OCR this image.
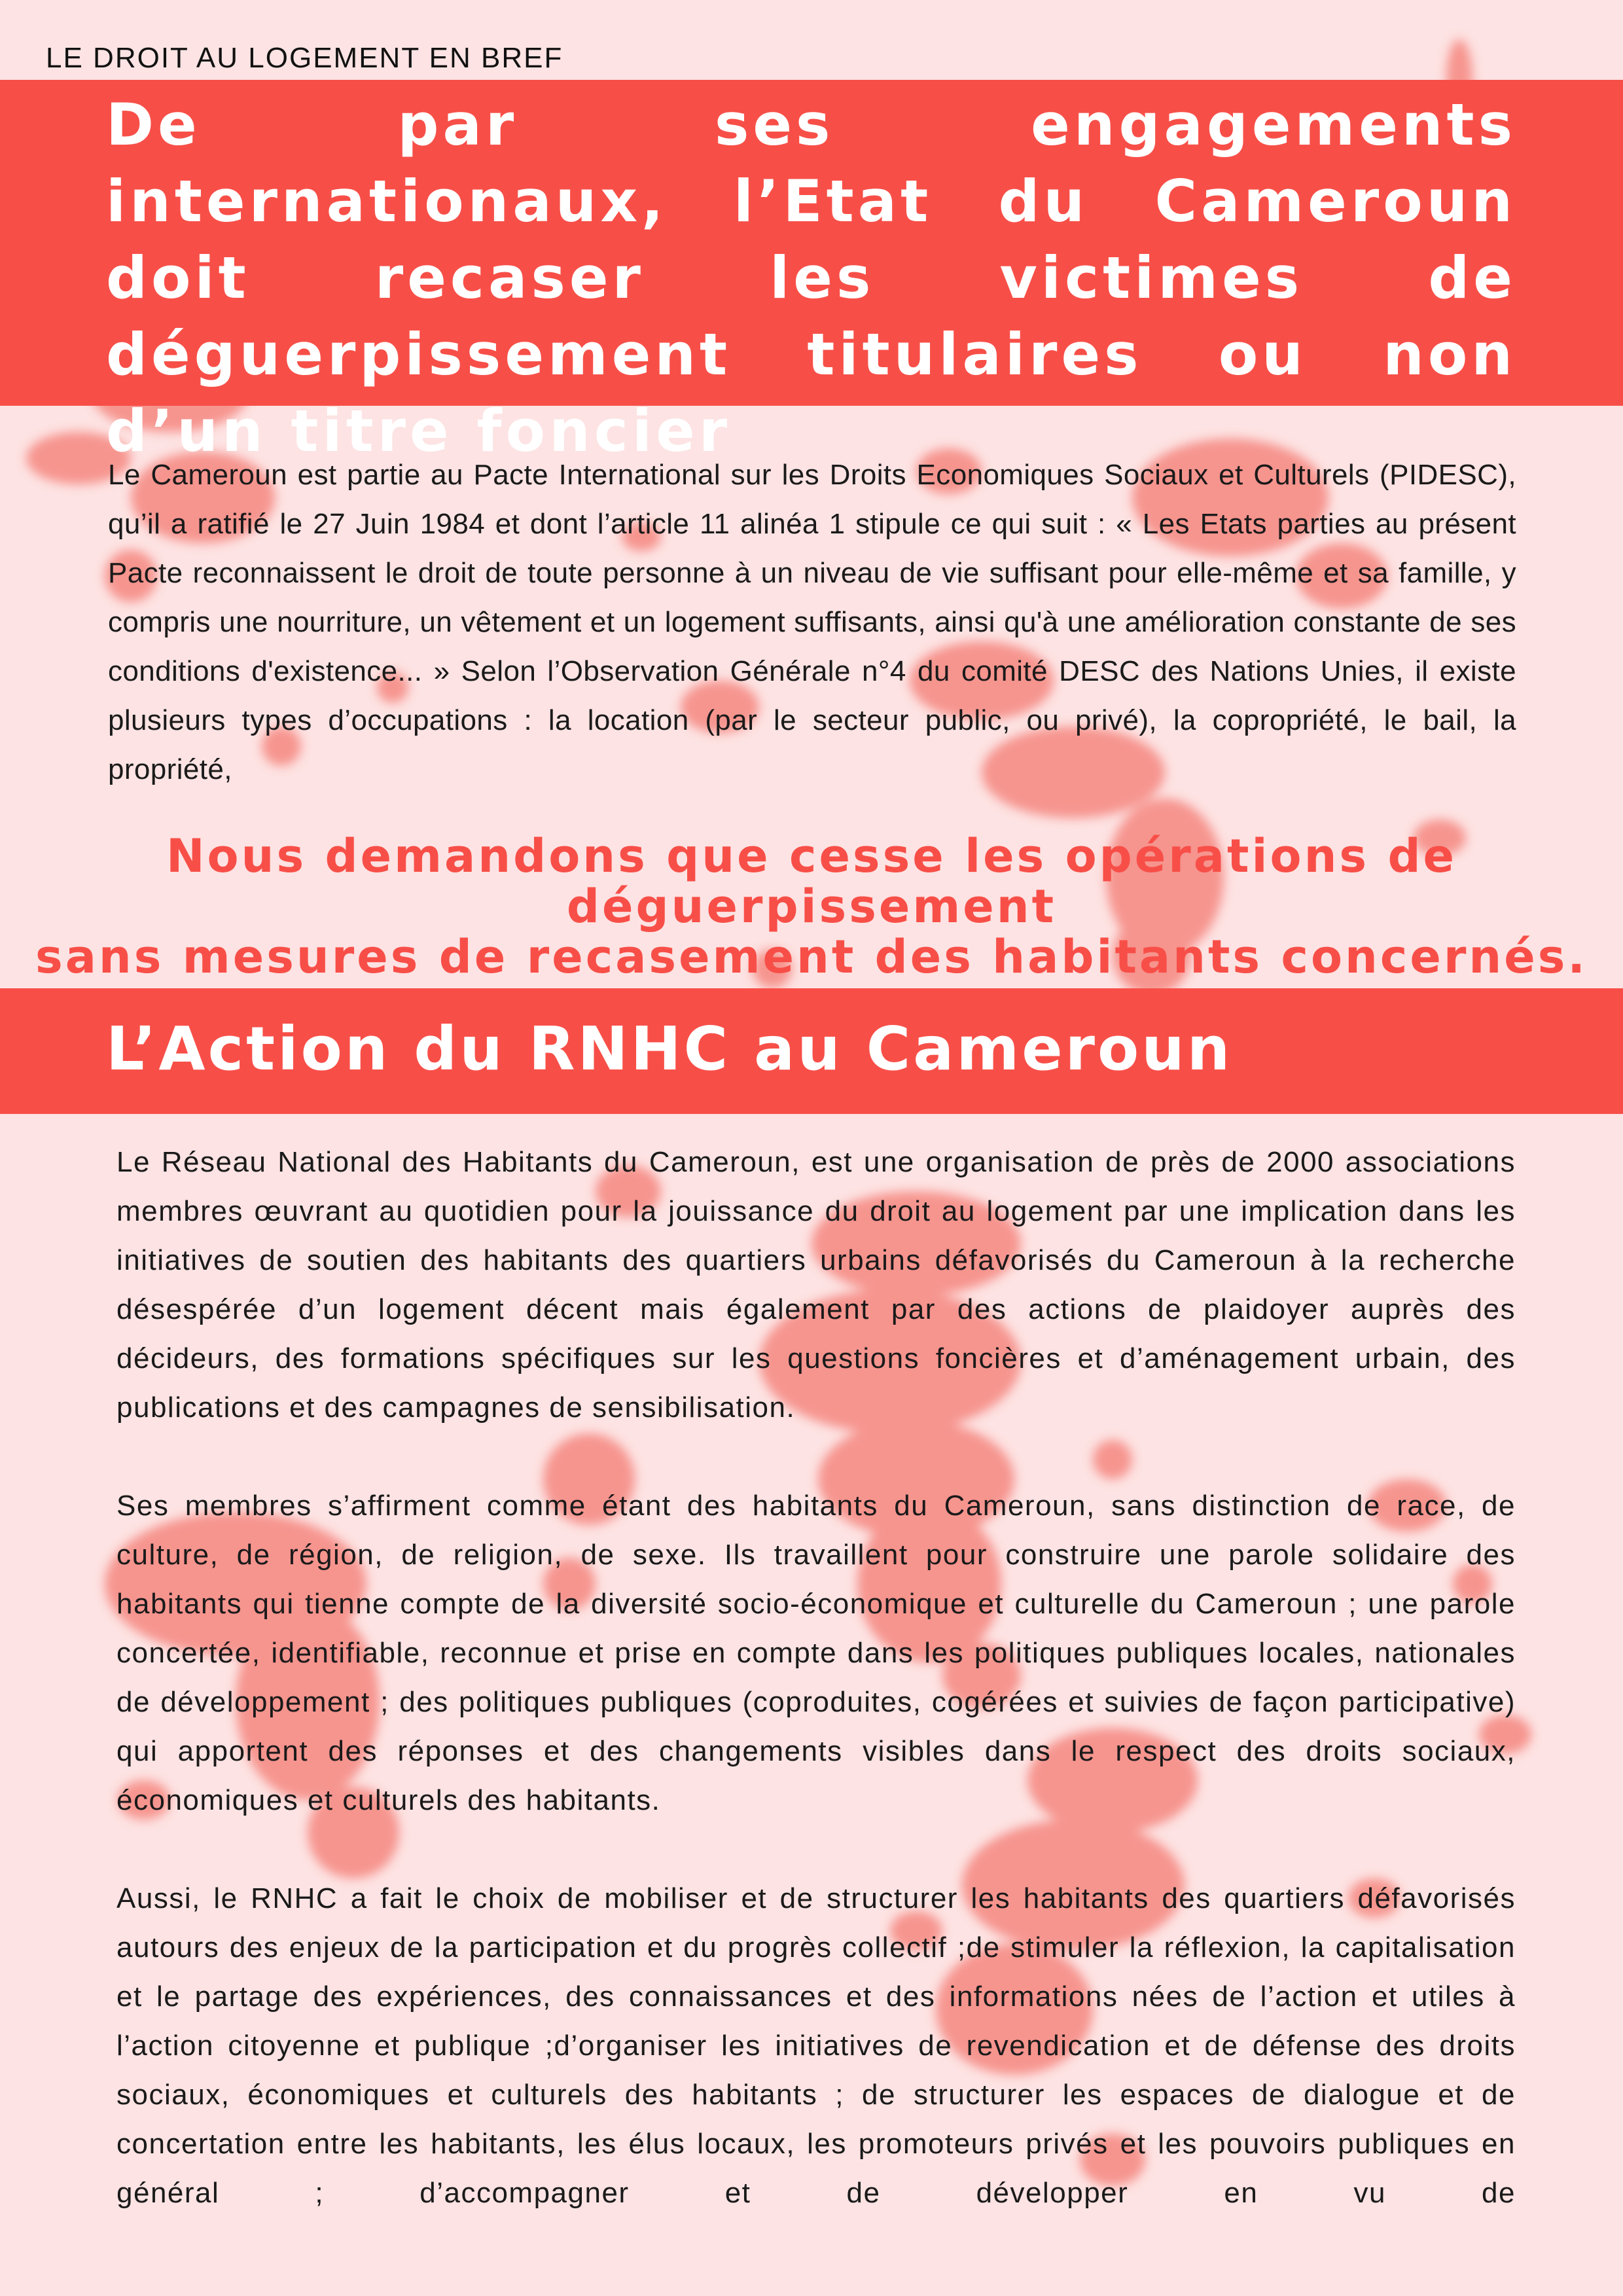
LE DROIT AU LOGEMENT EN BREF
De par ses engagements internationaux, l’Etat du Cameroun doit recaser les victimes de déguerpissement titulaires ou non d’un titre foncier

Le Cameroun est partie au Pacte International sur les Droits Economiques Sociaux et Culturels (PIDESC), qu’il a ratifié le 27 Juin 1984 et dont l’article 11 alinéa 1 stipule ce qui suit : « Les Etats parties au présent Pacte reconnaissent le droit de toute personne à un niveau de vie suffisant pour elle-même et sa famille, y compris une nourriture, un vêtement et un logement suffisants, ainsi qu'à une amélioration constante de ses conditions d'existence... » Selon l’Observation Générale n°4 du comité DESC des Nations Unies, il existe plusieurs types d’occupations : la location (par le secteur public, ou privé), la copropriété, le bail, la propriété,

Nous demandons que cesse les opérations de déguerpissement
sans mesures de recasement des habitants concernés.
L’Action du RNHC au Cameroun

Le Réseau National des Habitants du Cameroun, est une organisation de près de 2000 associations membres œuvrant au quotidien pour la jouissance du droit au logement par une implication dans les initiatives de soutien des habitants des quartiers urbains défavorisés du Cameroun à la recherche désespérée d’un logement décent mais également par des actions de plaidoyer auprès des décideurs, des formations spécifiques sur les questions foncières et d’aménagement urbain, des publications et des campagnes de sensibilisation.

Ses membres s’affirment comme étant des habitants du Cameroun, sans distinction de race, de culture, de région, de religion, de sexe. Ils travaillent pour construire une parole solidaire des habitants qui tienne compte de la diversité socio-économique et culturelle du Cameroun ; une parole concertée, identifiable, reconnue et prise en compte dans les politiques publiques locales, nationales de développement ; des politiques publiques (coproduites, cogérées et suivies de façon participative) qui apportent des réponses et des changements visibles dans le respect des droits sociaux, économiques et culturels des habitants.

Aussi, le RNHC a fait le choix de mobiliser et de structurer les habitants des quartiers défavorisés autours des enjeux de la participation et du progrès collectif ;de stimuler la réflexion, la capitalisation et le partage des expériences, des connaissances et des informations nées de l’action et utiles à l’action citoyenne et publique ;d’organiser les initiatives de revendication et de défense des droits sociaux, économiques et culturels des habitants ; de structurer les espaces de dialogue et de concertation entre les habitants, les élus locaux, les promoteurs privés et les pouvoirs publiques en général ; d’accompagner et de développer en vu de
